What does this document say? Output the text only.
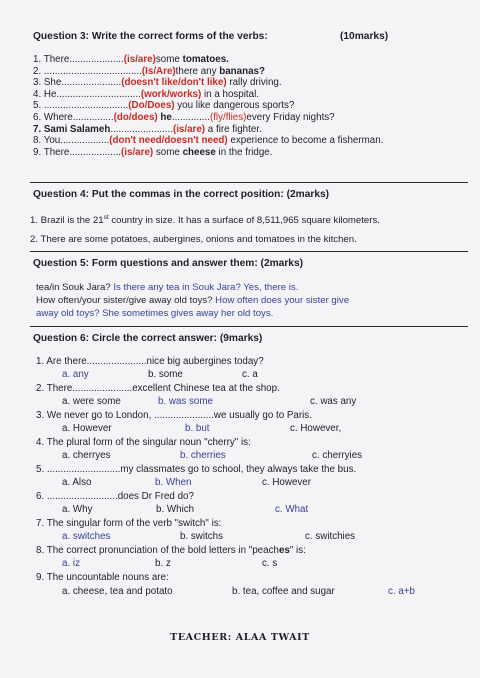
Question 3: Write the correct forms of the verbs:	(10marks)
1. There....................(is/are)some tomatoes.
2. ....................................(Is/Are)there any bananas?
3. She......................(doesn't like/don't like) rally driving.
4. He...............................(work/works) in a hospital.
5. ...............................(Do/Does) you like dangerous sports?
6. Where...............(do/does) he..............(fly/flies)every Friday nights?
7. Sami Salameh.......................(is/are) a fire fighter.
8. You..................(don't need/doesn't need) experience to become a fisherman.
9. There...................(is/are) some cheese in the fridge.
Question 4: Put the commas in the correct position: (2marks)
1. Brazil is the 21st country in size. It has a surface of 8,511,965 square kilometers.
2. There are some potatoes, aubergines, onions and tomatoes in the kitchen.
Question 5: Form questions and answer them: (2marks)
tea/in Souk Jara? Is there any tea in Souk Jara? Yes, there is.
How often/your sister/give away old toys? How often does your sister give
away old toys? She sometimes gives away her old toys.
Question 6: Circle the correct answer: (9marks)
1. Are there......................nice big aubergines today?
a. any	b. some	c. a
2. There......................excellent Chinese tea at the shop.
a. were some	b. was some	c. was any
3. We never go to London, ......................we usually go to Paris.
a. However	b. but	c. However,
4. The plural form of the singular noun "cherry" is:
a. cherryes	b. cherries	c. cherryies
5. ...........................my classmates go to school, they always take the bus.
a. Also	b. When	c. However
6. ..........................does Dr Fred do?
a. Why	b. Which	c. What
7. The singular form of the verb "switch" is:
a. switches	b. switchs	c. switchies
8. The correct pronunciation of the bold letters in "peaches" is:
a. iz	b. z	c. s
9. The uncountable nouns are:
a. cheese, tea and potato	b. tea, coffee and sugar	c. a+b
TEACHER: ALAA TWAIT
